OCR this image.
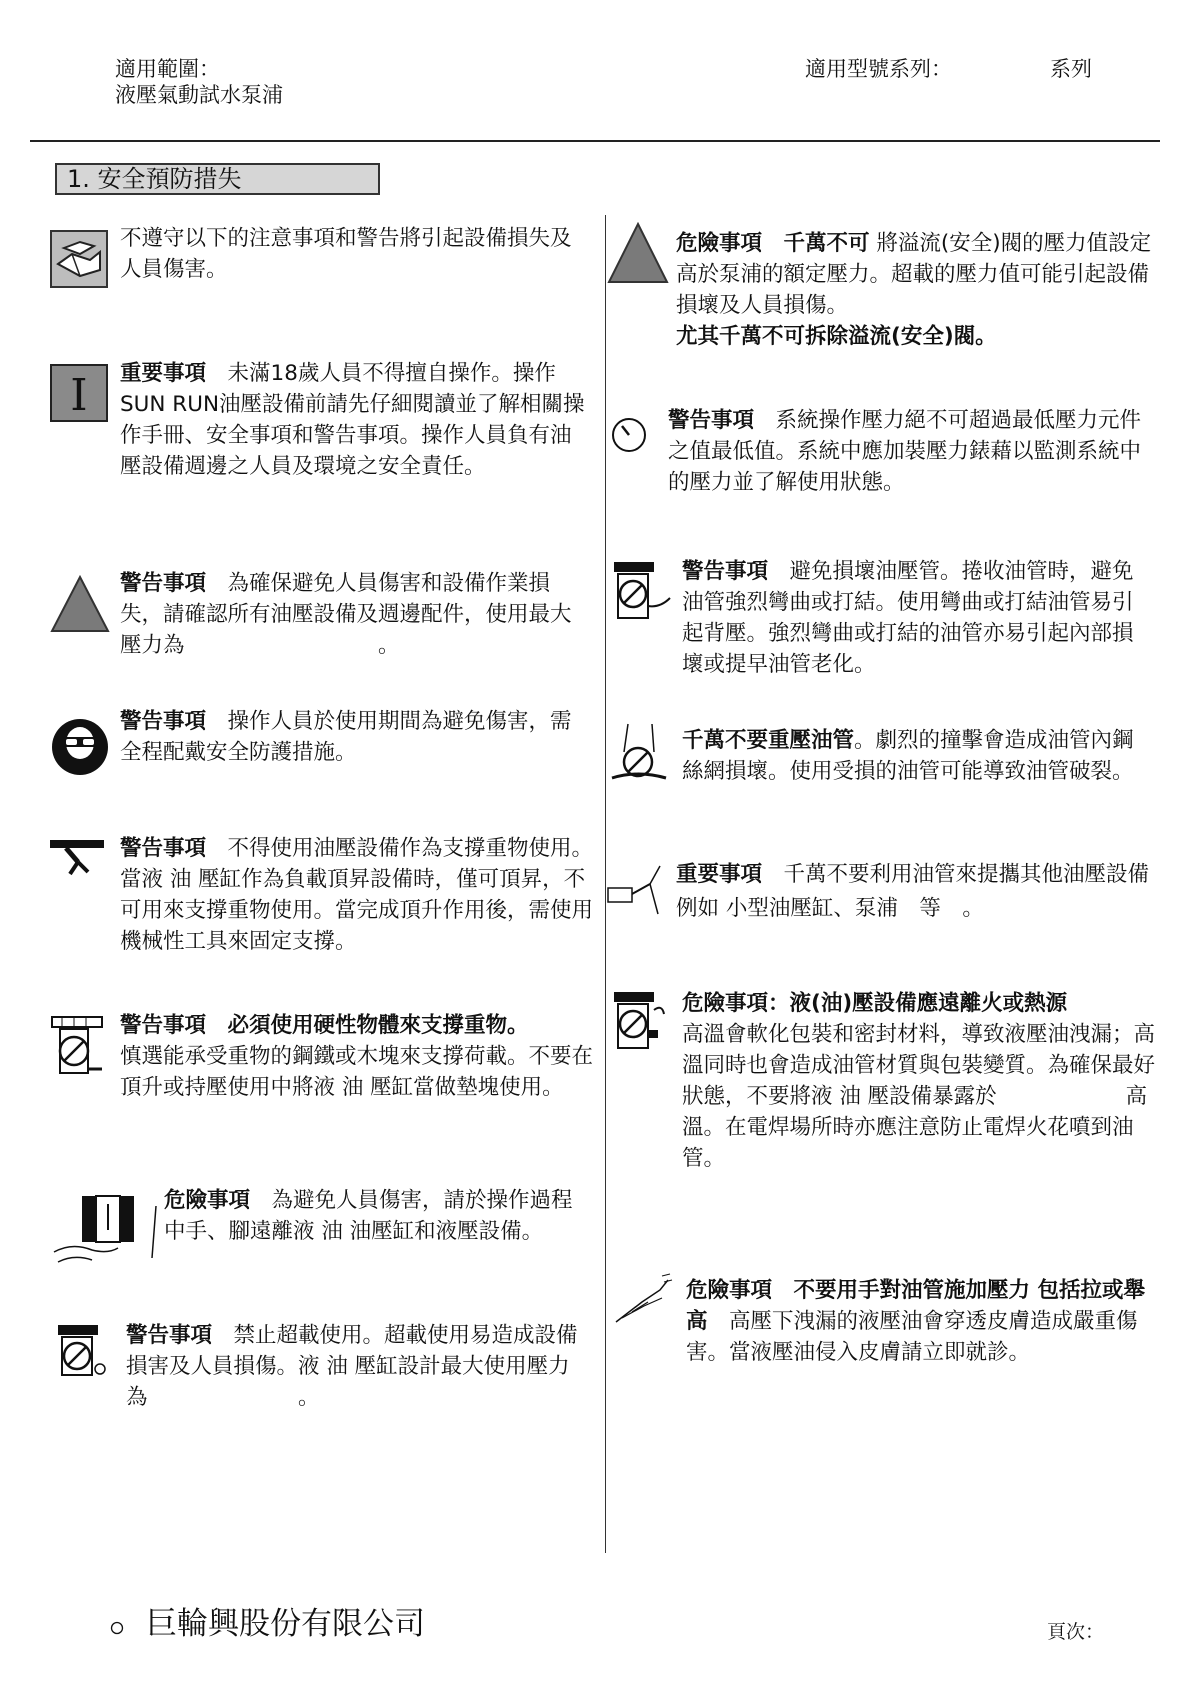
適用範圍：
液壓氣動試水泵浦
適用型號系列：	系列
1. 安全預防措失
不遵守以下的注意事項和警告將引起設備損失及人員傷害。
I 重要事項　 未滿18歲人員不得擅自操作。操作SUN RUN油壓設備前請先仔細閱讀並了解相關操作手冊、安全事項和警告事項。操作人員負有油壓設備週邊之人員及環境之安全責任。
警告事項　 為確保避免人員傷害和設備作業損失，請確認所有油壓設備及週邊配件，使用最大壓力為　　　　　　　　　。
警告事項　 操作人員於使用期間為避免傷害，需全程配戴安全防護措施。
警告事項　 不得使用油壓設備作為支撐重物使用。當液 油 壓缸作為負載頂昇設備時，僅可頂昇，不可用來支撐重物使用。當完成頂升作用後，需使用機械性工具來固定支撐。
警告事項　 必須使用硬性物體來支撐重物。
慎選能承受重物的鋼鐵或木塊來支撐荷載。不要在頂升或持壓使用中將液 油 壓缸當做墊塊使用。
危險事項　 為避免人員傷害，請於操作過程中手、腳遠離液 油 油壓缸和液壓設備。
警告事項　 禁止超載使用。超載使用易造成設備損害及人員損傷。液 油 壓缸設計最大使用壓力為　　　　　　　。
危險事項　 千萬不可 將溢流(安全)閥的壓力值設定高於泵浦的額定壓力。超載的壓力值可能引起設備損壞及人員損傷。
尤其千萬不可拆除溢流(安全)閥。
警告事項　 系統操作壓力絕不可超過最低壓力元件之值最低值。系統中應加裝壓力錶藉以監測系統中的壓力並了解使用狀態。
警告事項　 避免損壞油壓管。捲收油管時，避免油管強烈彎曲或打結。使用彎曲或打結油管易引起背壓。強烈彎曲或打結的油管亦易引起內部損壞或提早油管老化。
千萬不要重壓油管。劇烈的撞擊會造成油管內鋼絲網損壞。使用受損的油管可能導致油管破裂。
重要事項　 千萬不要利用油管來提攜其他油壓設備 例如 小型油壓缸、泵浦　等　。
危險事項：液(油)壓設備應遠離火或熱源
高溫會軟化包裝和密封材料，導致液壓油洩漏；高溫同時也會造成油管材質與包裝變質。為確保最好狀態，不要將液 油 壓設備暴露於　　　　　　高溫。在電焊場所時亦應注意防止電焊火花噴到油管。
危險事項　 不要用手對油管施加壓力 包括拉或舉高　 高壓下洩漏的液壓油會穿透皮膚造成嚴重傷害。當液壓油侵入皮膚請立即就診。
巨輪興股份有限公司	頁次：
